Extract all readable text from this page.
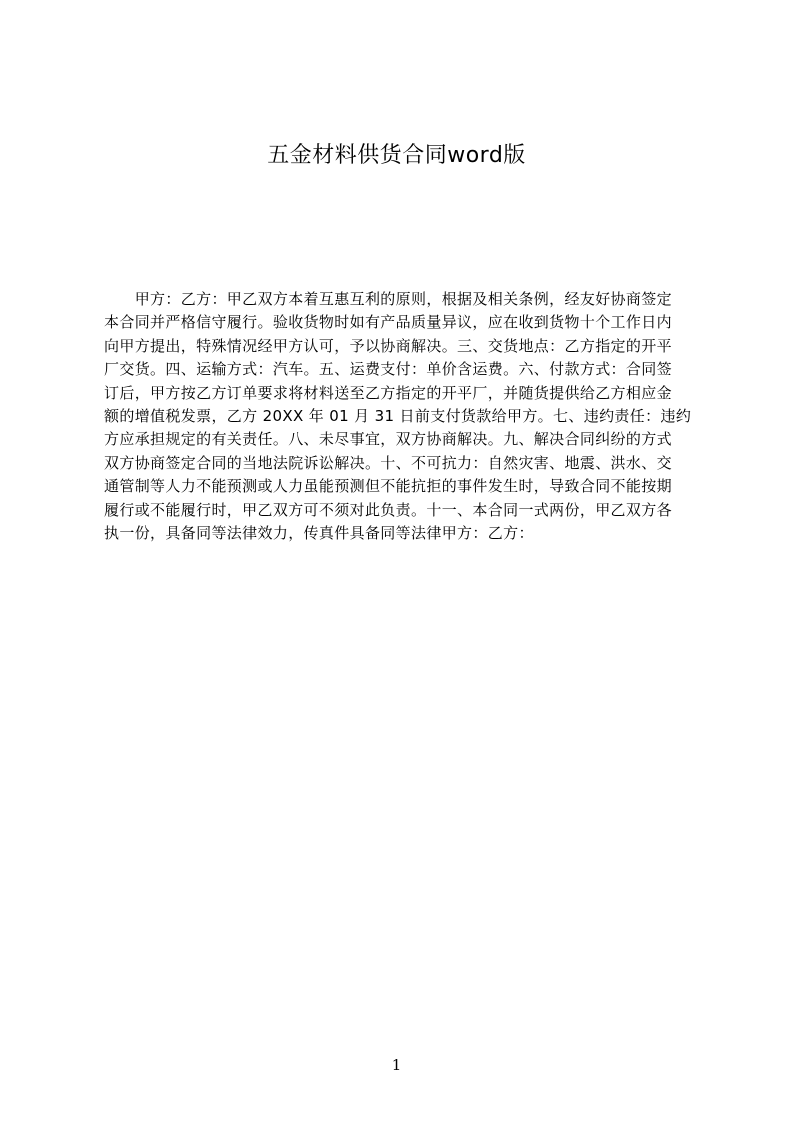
五金材料供货合同word版
　　甲方：乙方：甲乙双方本着互惠互利的原则，根据及相关条例，经友好协商签定
本合同并严格信守履行。验收货物时如有产品质量异议，应在收到货物十个工作日内
向甲方提出，特殊情况经甲方认可，予以协商解决。三、交货地点：乙方指定的开平
厂交货。四、运输方式：汽车。五、运费支付：单价含运费。六、付款方式：合同签
订后，甲方按乙方订单要求将材料送至乙方指定的开平厂，并随货提供给乙方相应金
额的增值税发票，乙方 20XX 年 01 月 31 日前支付货款给甲方。七、违约责任：违约
方应承担规定的有关责任。八、未尽事宜，双方协商解决。九、解决合同纠纷的方式
双方协商签定合同的当地法院诉讼解决。十、不可抗力：自然灾害、地震、洪水、交
通管制等人力不能预测或人力虽能预测但不能抗拒的事件发生时，导致合同不能按期
履行或不能履行时，甲乙双方可不须对此负责。十一、本合同一式两份，甲乙双方各
执一份，具备同等法律效力，传真件具备同等法律甲方：乙方：
1
